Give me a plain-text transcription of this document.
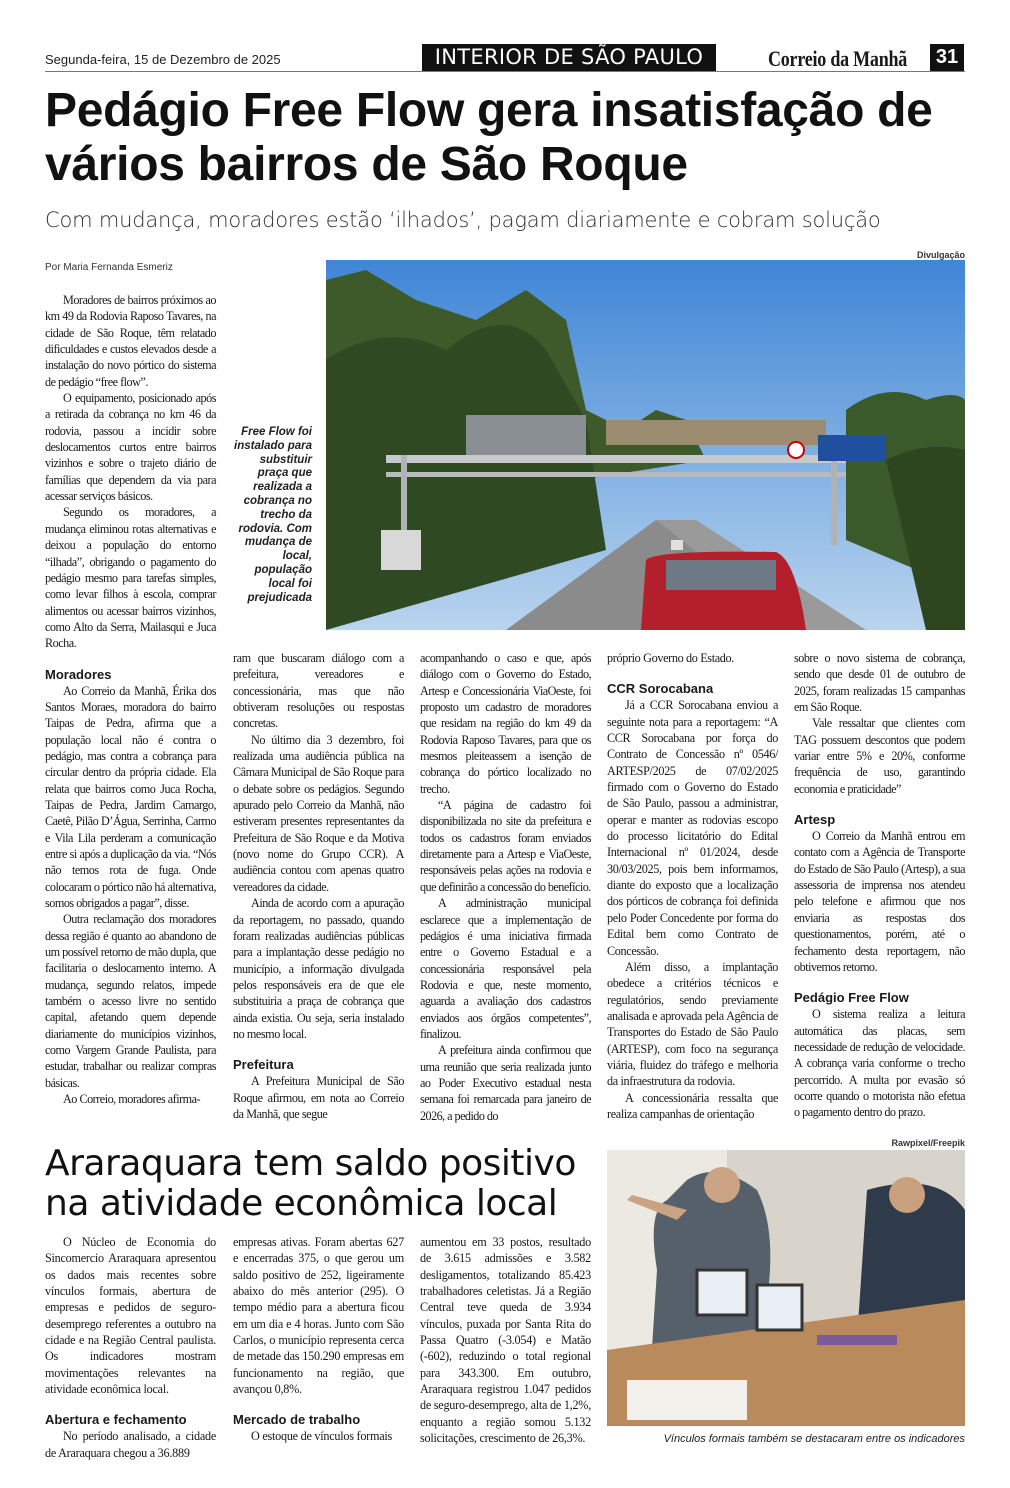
Segunda-feira, 15 de Dezembro de 2025	INTERIOR DE SÃO PAULO	Correio da Manhã 31
Pedágio Free Flow gera insatisfação de vários bairros de São Roque
Com mudança, moradores estão ‘ilhados’, pagam diariamente e cobram solução
Por Maria Fernanda Esmeriz
Divulgação
Free Flow foi instalado para substituir praça que realizada a cobrança no trecho da rodovia. Com mudança de local, população local foi prejudicada

Moradores de bairros próximos ao km 49 da Rodovia Raposo Tavares, na cidade de São Roque, têm relatado dificuldades e custos elevados desde a instalação do novo pórtico do sistema de pedágio “free flow”.

O equipamento, posicionado após a retirada da cobrança no km 46 da rodovia, passou a incidir sobre deslocamentos curtos entre bairros vizinhos e sobre o trajeto diário de famílias que dependem da via para acessar serviços básicos.

Segundo os moradores, a mudança eliminou rotas alternativas e deixou a população do entorno “ilhada”, obrigando o pagamento do pedágio mesmo para tarefas simples, como levar filhos à escola, comprar alimentos ou acessar bairros vizinhos, como Alto da Serra, Mailasqui e Juca Rocha.

Moradores

Ao Correio da Manhã, Érika dos Santos Moraes, moradora do bairro Taipas de Pedra, afirma que a população local não é contra o pedágio, mas contra a cobrança para circular dentro da própria cidade. Ela relata que bairros como Juca Rocha, Taipas de Pedra, Jardim Camargo, Caetê, Pilão D’Água, Serrinha, Carmo e Vila Lila perderam a comunicação entre si após a duplicação da via. “Nós não temos rota de fuga. Onde colocaram o pórtico não há alternativa, somos obrigados a pagar”, disse.

Outra reclamação dos moradores dessa região é quanto ao abandono de um possível retorno de mão dupla, que facilitaria o deslocamento interno. A mudança, segundo relatos, impede também o acesso livre no sentido capital, afetando quem depende diariamente do municípios vizinhos, como Vargem Grande Paulista, para estudar, trabalhar ou realizar compras básicas.

Ao Correio, moradores afirma-

ram que buscaram diálogo com a prefeitura, vereadores e concessionária, mas que não obtiveram resoluções ou respostas concretas.

No último dia 3 dezembro, foi realizada uma audiência pública na Câmara Municipal de São Roque para o debate sobre os pedágios. Segundo apurado pelo Correio da Manhã, não estiveram presentes representantes da Prefeitura de São Roque e da Motiva (novo nome do Grupo CCR). A audiência contou com apenas quatro vereadores da cidade.

Ainda de acordo com a apuração da reportagem, no passado, quando foram realizadas audiências públicas para a implantação desse pedágio no município, a informação divulgada pelos responsáveis era de que ele substituiria a praça de cobrança que ainda existia. Ou seja, seria instalado no mesmo local.

Prefeitura

A Prefeitura Municipal de São Roque afirmou, em nota ao Correio da Manhã, que segue

acompanhando o caso e que, após diálogo com o Governo do Estado, Artesp e Concessionária ViaOeste, foi proposto um cadastro de moradores que residam na região do km 49 da Rodovia Raposo Tavares, para que os mesmos pleiteassem a isenção de cobrança do pórtico localizado no trecho.

“A página de cadastro foi disponibilizada no site da prefeitura e todos os cadastros foram enviados diretamente para a Artesp e ViaOeste, responsáveis pelas ações na rodovia e que definirão a concessão do benefício.

A administração municipal esclarece que a implementação de pedágios é uma iniciativa firmada entre o Governo Estadual e a concessionária responsável pela Rodovia e que, neste momento, aguarda a avaliação dos cadastros enviados aos órgãos competentes”, finalizou.

A prefeitura ainda confirmou que uma reunião que seria realizada junto ao Poder Executivo estadual nesta semana foi remarcada para janeiro de 2026, a pedido do

próprio Governo do Estado.

CCR Sorocabana

Já a CCR Sorocabana enviou a seguinte nota para a reportagem: “A CCR Sorocabana por força do Contrato de Concessão nº 0546/ ARTESP/2025 de 07/02/2025 firmado com o Governo do Estado de São Paulo, passou a administrar, operar e manter as rodovias escopo do processo licitatório do Edital Internacional nº 01/2024, desde 30/03/2025, pois bem informamos, diante do exposto que a localização dos pórticos de cobrança foi definida pelo Poder Concedente por forma do Edital bem como Contrato de Concessão.

Além disso, a implantação obedece a critérios técnicos e regulatórios, sendo previamente analisada e aprovada pela Agência de Transportes do Estado de São Paulo (ARTESP), com foco na segurança viária, fluidez do tráfego e melhoria da infraestrutura da rodovia.

A concessionária ressalta que realiza campanhas de orientação

sobre o novo sistema de cobrança, sendo que desde 01 de outubro de 2025, foram realizadas 15 campanhas em São Roque.

Vale ressaltar que clientes com TAG possuem descontos que podem variar entre 5% e 20%, conforme frequência de uso, garantindo economia e praticidade”

Artesp

O Correio da Manhã entrou em contato com a Agência de Transporte do Estado de São Paulo (Artesp), a sua assessoria de imprensa nos atendeu pelo telefone e afirmou que nos enviaria as respostas dos questionamentos, porém, até o fechamento desta reportagem, não obtivemos retorno.

Pedágio Free Flow

O sistema realiza a leitura automática das placas, sem necessidade de redução de velocidade. A cobrança varia conforme o trecho percorrido. A multa por evasão só ocorre quando o motorista não efetua o pagamento dentro do prazo.

Araraquara tem saldo positivo na atividade econômica local
Rawpixel/Freepik
Vínculos formais também se destacaram entre os indicadores

O Núcleo de Economia do Sincomercio Araraquara apresentou os dados mais recentes sobre vínculos formais, abertura de empresas e pedidos de seguro-desemprego referentes a outubro na cidade e na Região Central paulista. Os indicadores mostram movimentações relevantes na atividade econômica local.

Abertura e fechamento

No período analisado, a cidade de Araraquara chegou a 36.889

empresas ativas. Foram abertas 627 e encerradas 375, o que gerou um saldo positivo de 252, ligeiramente abaixo do mês anterior (295). O tempo médio para a abertura ficou em um dia e 4 horas. Junto com São Carlos, o município representa cerca de metade das 150.290 empresas em funcionamento na região, que avançou 0,8%.

Mercado de trabalho

O estoque de vínculos formais

aumentou em 33 postos, resultado de 3.615 admissões e 3.582 desligamentos, totalizando 85.423 trabalhadores celetistas. Já a Região Central teve queda de 3.934 vínculos, puxada por Santa Rita do Passa Quatro (-3.054) e Matão (-602), reduzindo o total regional para 343.300. Em outubro, Araraquara registrou 1.047 pedidos de seguro-desemprego, alta de 1,2%, enquanto a região somou 5.132 solicitações, crescimento de 26,3%.
